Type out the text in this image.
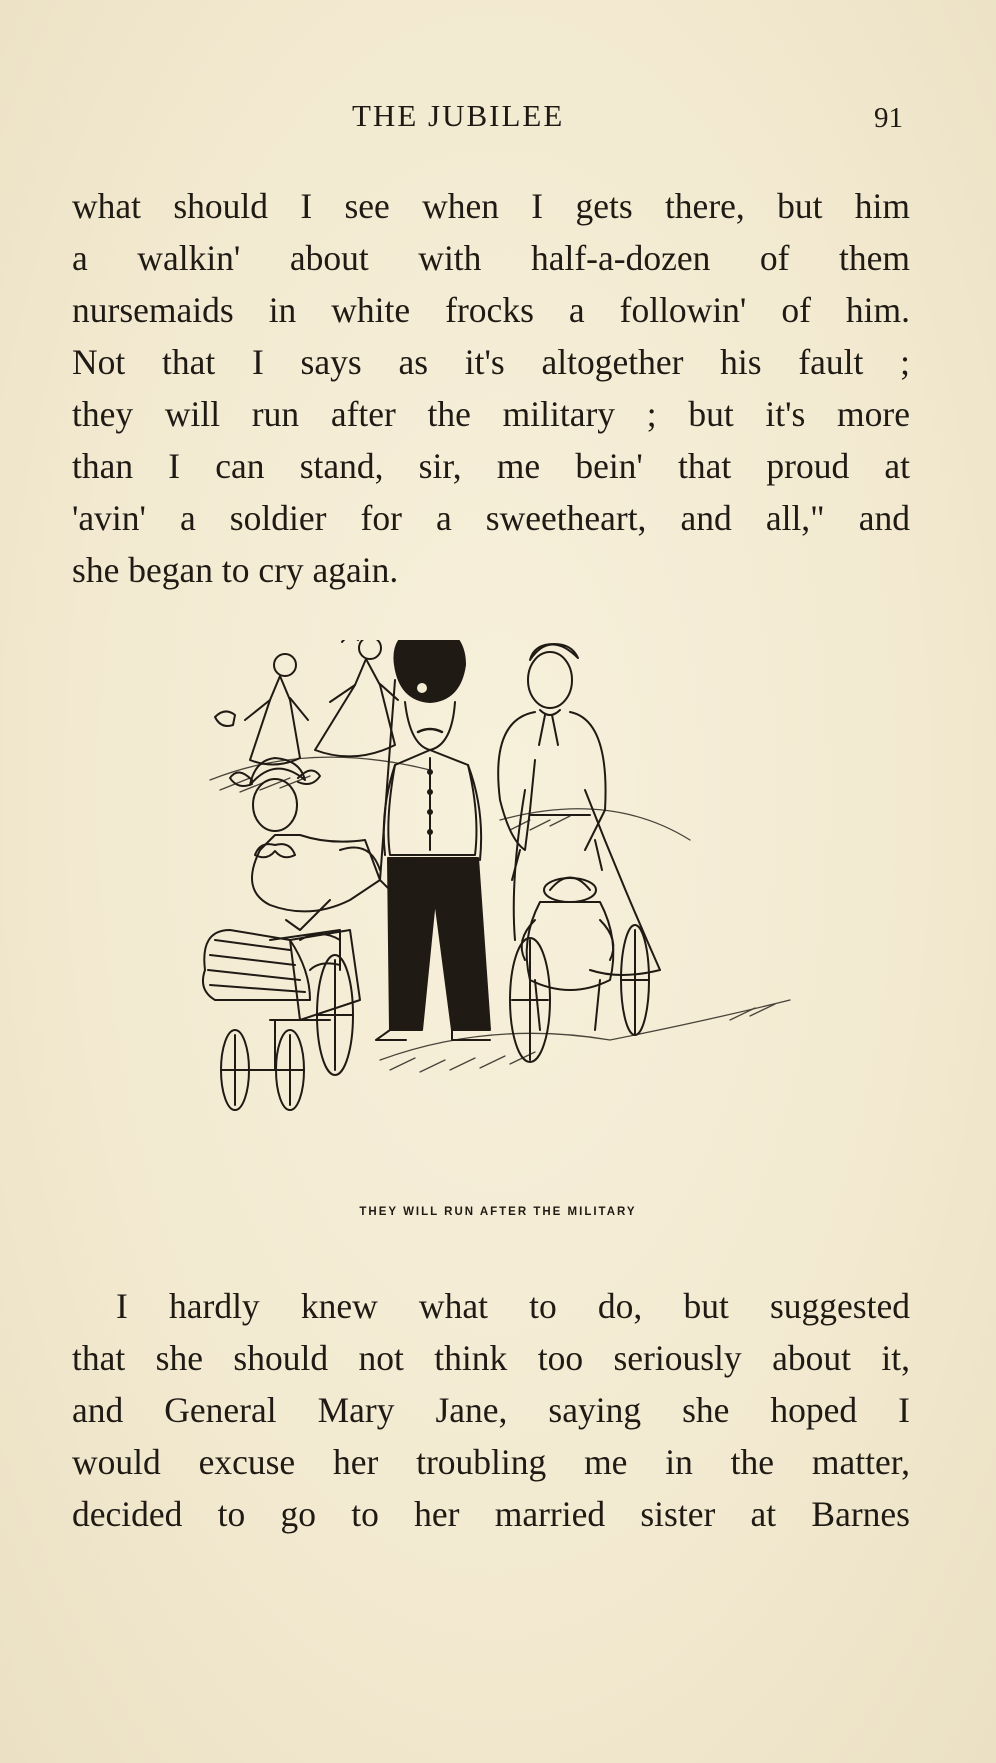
THE JUBILEE	91
what should I see when I gets there, but him
a walkin' about with half-a-dozen of them
nursemaids in white frocks a followin' of him.
Not that I says as it's altogether his fault ;
they will run after the military ; but it's more
than I can stand, sir, me bein' that proud at
'avin' a soldier for a sweetheart, and all," and
she began to cry again.
THEY WILL RUN AFTER THE MILITARY
I hardly knew what to do, but suggested
that she should not think too seriously about it,
and General Mary Jane, saying she hoped I
would excuse her troubling me in the matter,
decided to go to her married sister at Barnes
